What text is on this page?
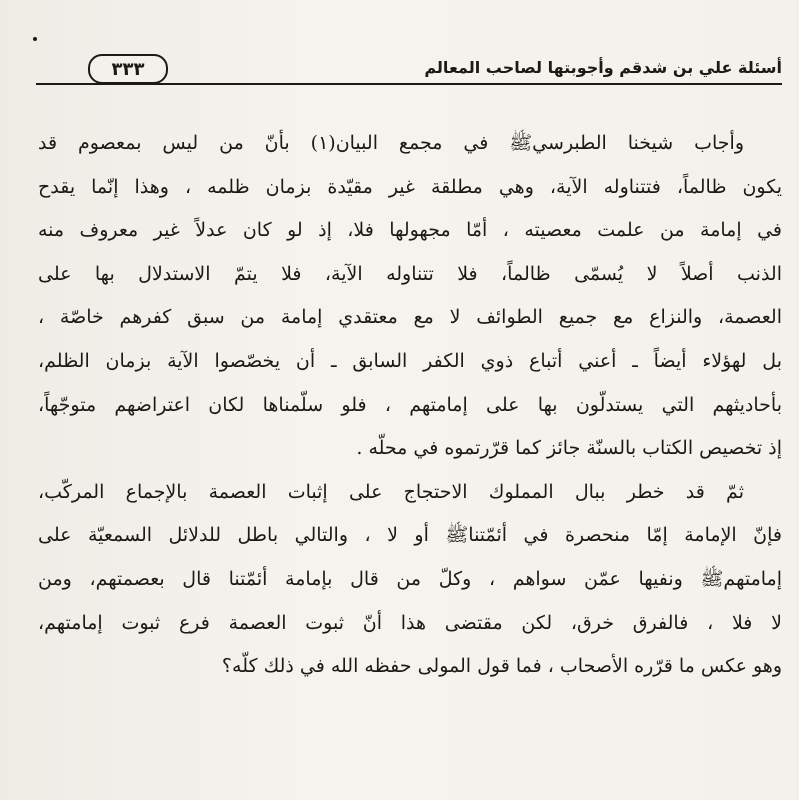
أسئلة علي بن شدقم وأجوبتها لصاحب المعالم
٣٣٣
وأجاب شيخنا الطبرسيﷺ في مجمع البيان(١) بأنّ من ليس بمعصوم قد
يكون ظالماً، فتتناوله الآية، وهي مطلقة غير مقيّدة بزمان ظلمه ، وهذا إنّما يقدح
في إمامة من علمت معصيته ، أمّا مجهولها فلا، إذ لو كان عدلاً غير معروف منه
الذنب أصلاً لا يُسمّى ظالماً، فلا تتناوله الآية، فلا يتمّ الاستدلال بها على
العصمة، والنزاع مع جميع الطوائف لا مع معتقدي إمامة من سبق كفرهم خاصّة ،
بل لهؤلاء أيضاً ـ أعني أتباع ذوي الكفر السابق ـ أن يخصّصوا الآية بزمان الظلم،
بأحاديثهم التي يستدلّون بها على إمامتهم ، فلو سلّمناها لكان اعتراضهم متوجّهاً،
إذ تخصيص الكتاب بالسنّة جائز كما قرّرتموه في محلّه .
ثمّ قد خطر ببال المملوك الاحتجاج على إثبات العصمة بالإجماع المركّب،
فإنّ الإمامة إمّا منحصرة في أئمّتناﷺ أو لا ، والتالي باطل للدلائل السمعيّة على
إمامتهمﷺ ونفيها عمّن سواهم ، وكلّ من قال بإمامة أئمّتنا قال بعصمتهم، ومن
لا فلا ، فالفرق خرق، لكن مقتضى هذا أنّ ثبوت العصمة فرع ثبوت إمامتهم،
وهو عكس ما قرّره الأصحاب ، فما قول المولى حفظه الله في ذلك كلّه؟
